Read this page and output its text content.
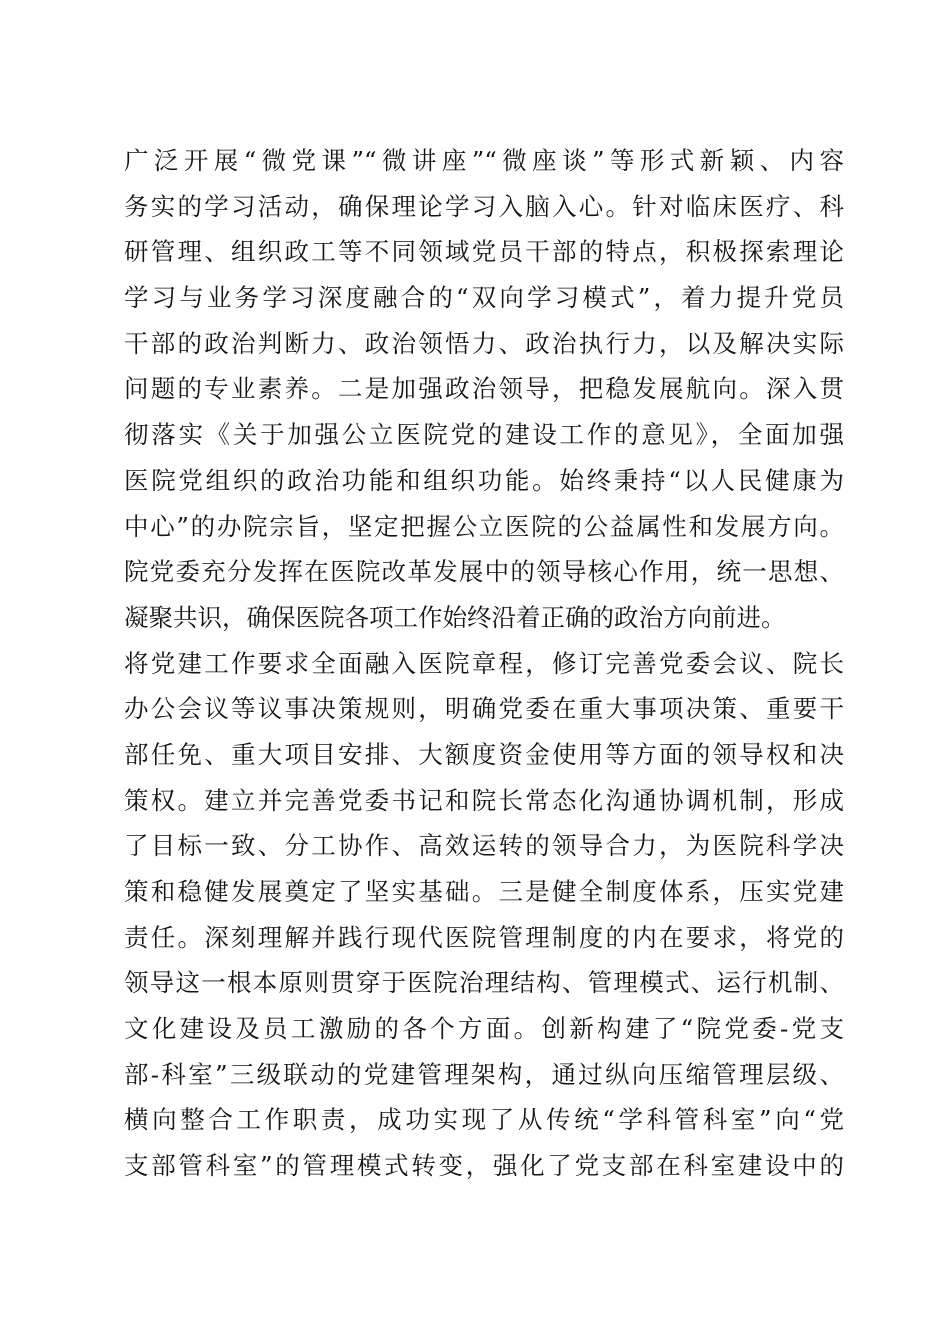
广泛开展“微党课”“微讲座”“微座谈”等形式新颖、内容
务实的学习活动，确保理论学习入脑入心。针对临床医疗、科
研管理、组织政工等不同领域党员干部的特点，积极探索理论
学习与业务学习深度融合的“双向学习模式”，着力提升党员
干部的政治判断力、政治领悟力、政治执行力，以及解决实际
问题的专业素养。二是加强政治领导，把稳发展航向。深入贯
彻落实《关于加强公立医院党的建设工作的意见》，全面加强
医院党组织的政治功能和组织功能。始终秉持“以人民健康为
中心”的办院宗旨，坚定把握公立医院的公益属性和发展方向。
院党委充分发挥在医院改革发展中的领导核心作用，统一思想、
凝聚共识，确保医院各项工作始终沿着正确的政治方向前进。
将党建工作要求全面融入医院章程，修订完善党委会议、院长
办公会议等议事决策规则，明确党委在重大事项决策、重要干
部任免、重大项目安排、大额度资金使用等方面的领导权和决
策权。建立并完善党委书记和院长常态化沟通协调机制，形成
了目标一致、分工协作、高效运转的领导合力，为医院科学决
策和稳健发展奠定了坚实基础。三是健全制度体系，压实党建
责任。深刻理解并践行现代医院管理制度的内在要求，将党的
领导这一根本原则贯穿于医院治理结构、管理模式、运行机制、
文化建设及员工激励的各个方面。创新构建了“院党委-党支
部-科室”三级联动的党建管理架构，通过纵向压缩管理层级、
横向整合工作职责，成功实现了从传统“学科管科室”向“党
支部管科室”的管理模式转变，强化了党支部在科室建设中的
